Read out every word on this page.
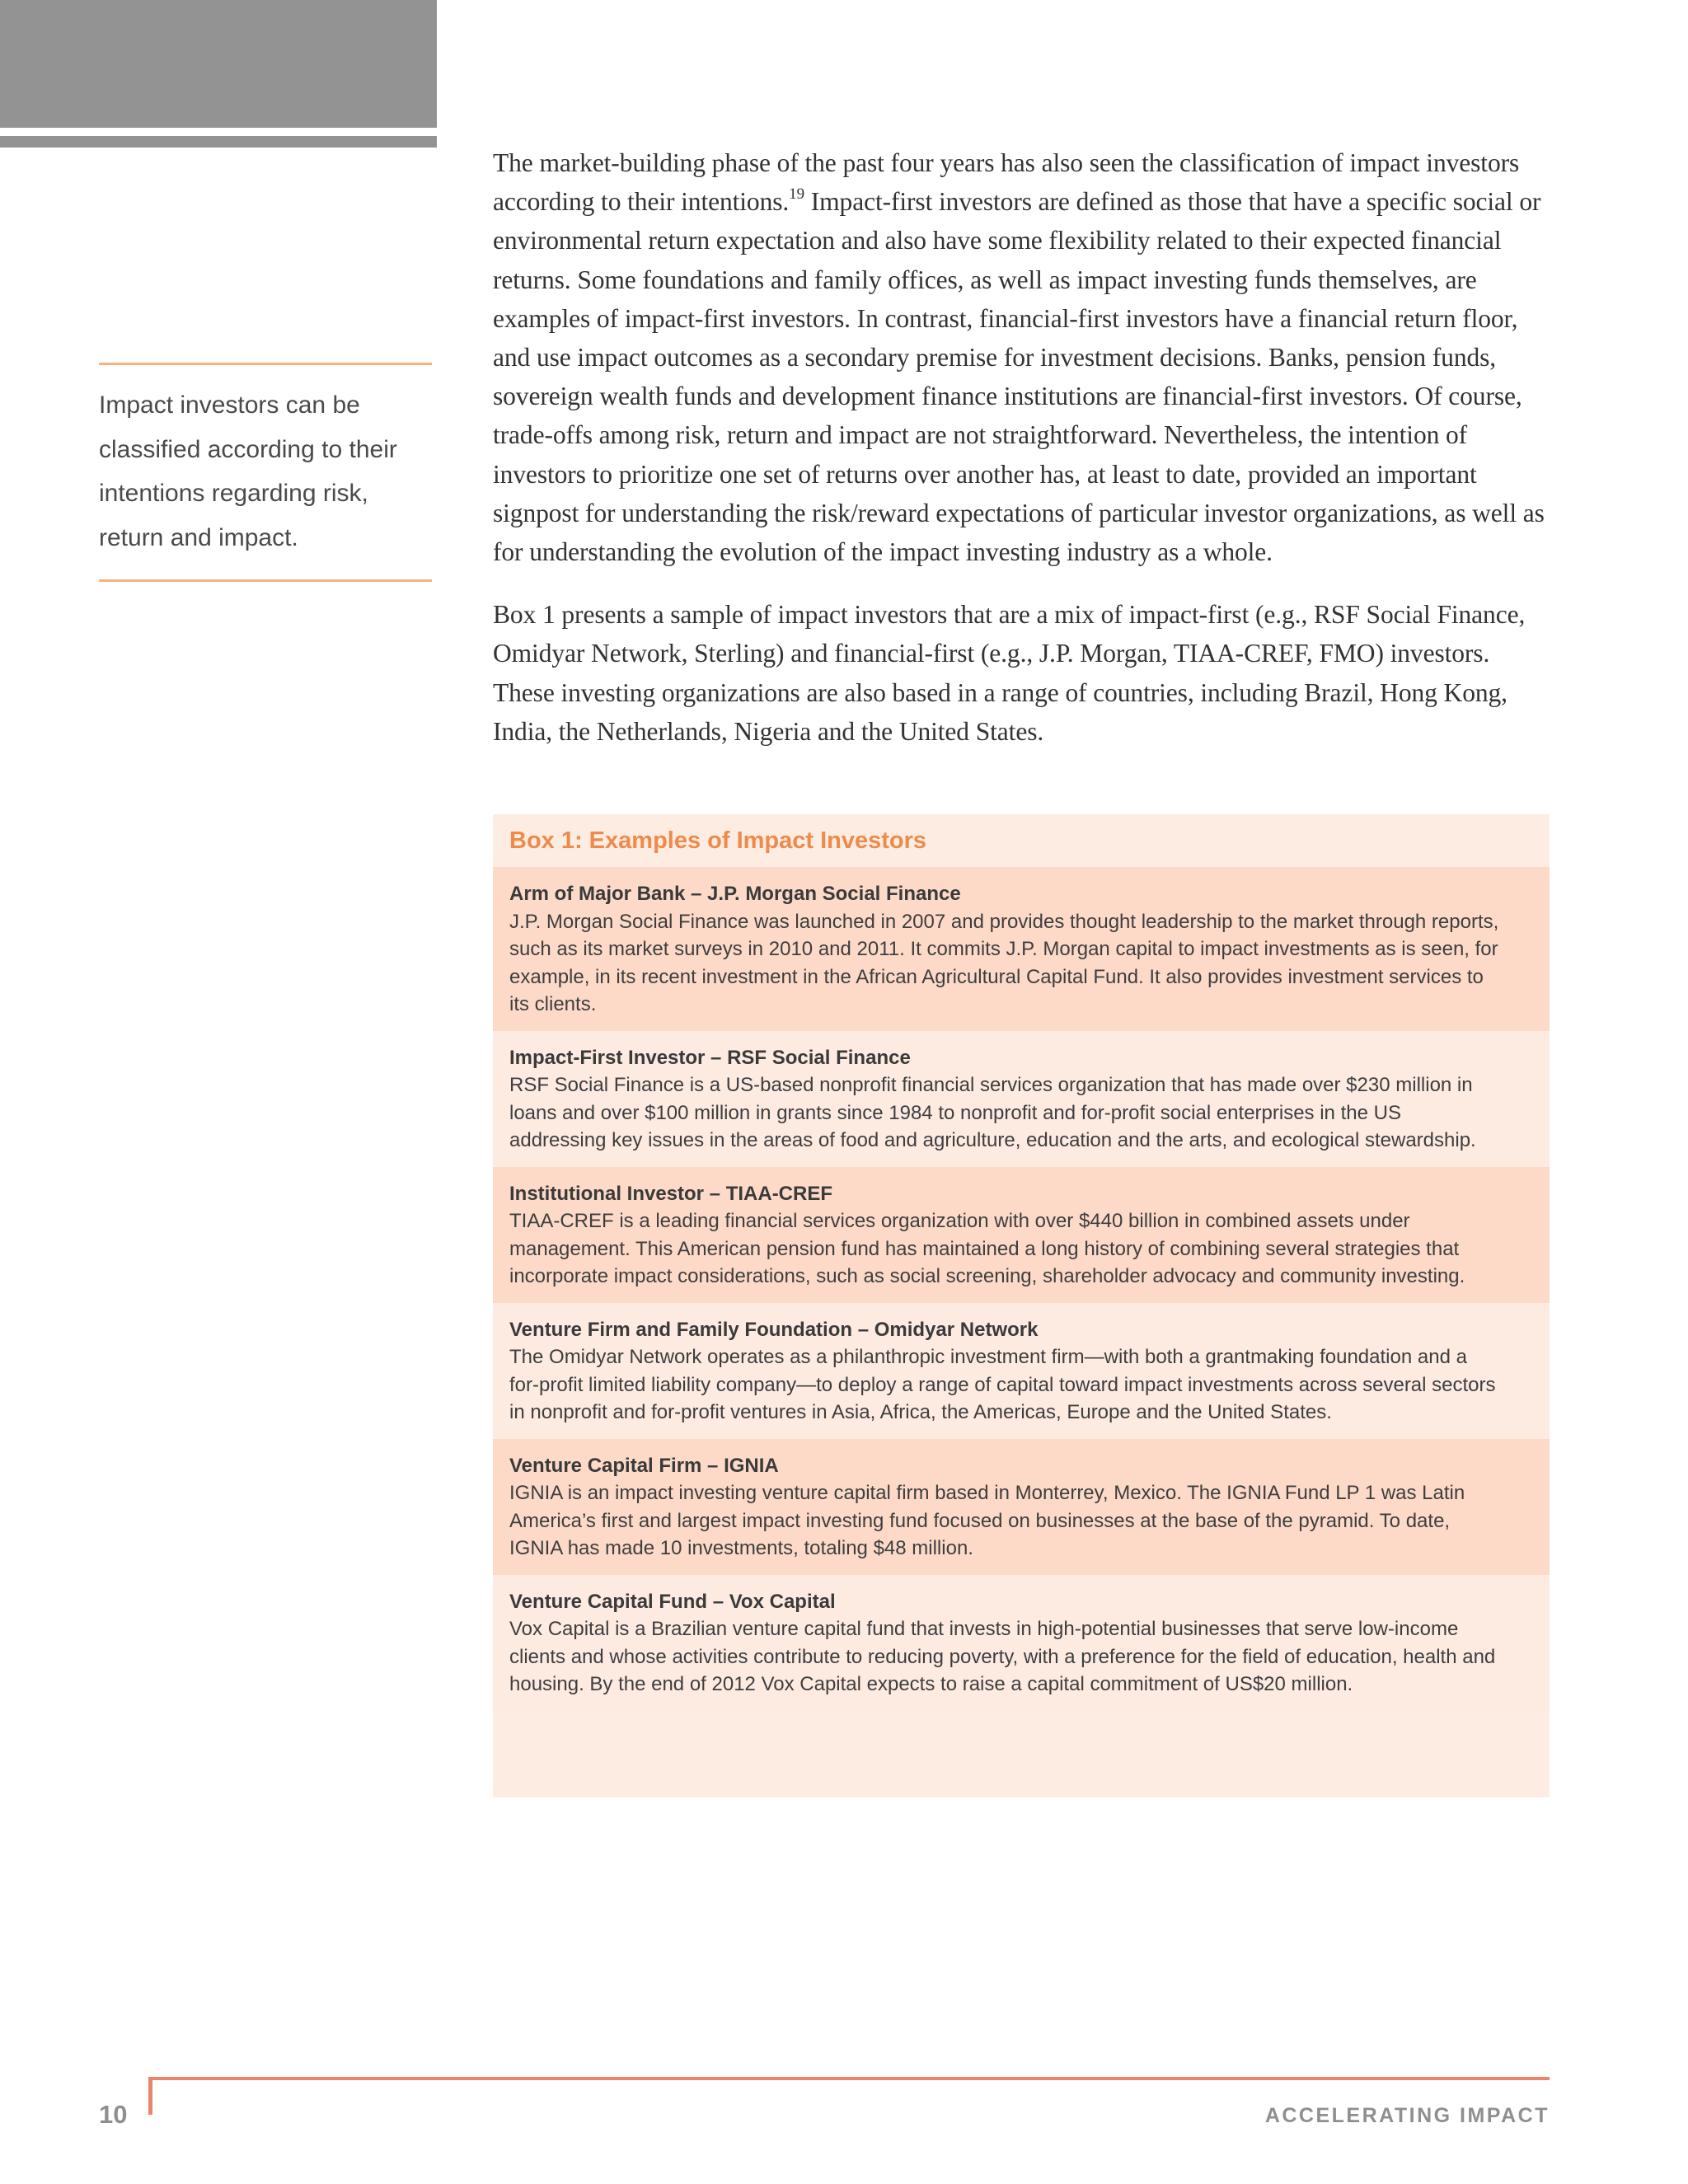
Impact investors can be classified according to their intentions regarding risk, return and impact.

The market-building phase of the past four years has also seen the classification of impact investors according to their intentions.$^{19}$ Impact-first investors are defined as those that have a specific social or environmental return expectation and also have some flexibility related to their expected financial returns. Some foundations and family offices, as well as impact investing funds themselves, are examples of impact-first investors. In contrast, financial-first investors have a financial return floor, and use impact outcomes as a secondary premise for investment decisions. Banks, pension funds, sovereign wealth funds and development finance institutions are financial-first investors. Of course, trade-offs among risk, return and impact are not straightforward. Nevertheless, the intention of investors to prioritize one set of returns over another has, at least to date, provided an important signpost for understanding the risk/reward expectations of particular investor organizations, as well as for understanding the evolution of the impact investing industry as a whole.

Box 1 presents a sample of impact investors that are a mix of impact-first (e.g., RSF Social Finance, Omidyar Network, Sterling) and financial-first (e.g., J.P. Morgan, TIAA-CREF, FMO) investors. These investing organizations are also based in a range of countries, including Brazil, Hong Kong, India, the Netherlands, Nigeria and the United States.

Box 1: Examples of Impact Investors
Arm of Major Bank – J.P. Morgan Social Finance
J.P. Morgan Social Finance was launched in 2007 and provides thought leadership to the market through reports, such as its market surveys in 2010 and 2011. It commits J.P. Morgan capital to impact investments as is seen, for example, in its recent investment in the African Agricultural Capital Fund. It also provides investment services to its clients.
Impact-First Investor – RSF Social Finance
RSF Social Finance is a US-based nonprofit financial services organization that has made over $230 million in loans and over $100 million in grants since 1984 to nonprofit and for-profit social enterprises in the US addressing key issues in the areas of food and agriculture, education and the arts, and ecological stewardship.
Institutional Investor – TIAA-CREF
TIAA-CREF is a leading financial services organization with over $440 billion in combined assets under management. This American pension fund has maintained a long history of combining several strategies that incorporate impact considerations, such as social screening, shareholder advocacy and community investing.
Venture Firm and Family Foundation – Omidyar Network
The Omidyar Network operates as a philanthropic investment firm—with both a grantmaking foundation and a for-profit limited liability company—to deploy a range of capital toward impact investments across several sectors in nonprofit and for-profit ventures in Asia, Africa, the Americas, Europe and the United States.
Venture Capital Firm – IGNIA
IGNIA is an impact investing venture capital firm based in Monterrey, Mexico. The IGNIA Fund LP 1 was Latin America’s first and largest impact investing fund focused on businesses at the base of the pyramid. To date, IGNIA has made 10 investments, totaling $48 million.
Venture Capital Fund – Vox Capital
Vox Capital is a Brazilian venture capital fund that invests in high-potential businesses that serve low-income clients and whose activities contribute to reducing poverty, with a preference for the field of education, health and housing. By the end of 2012 Vox Capital expects to raise a capital commitment of US$20 million.
10	ACCELERATING IMPACT
